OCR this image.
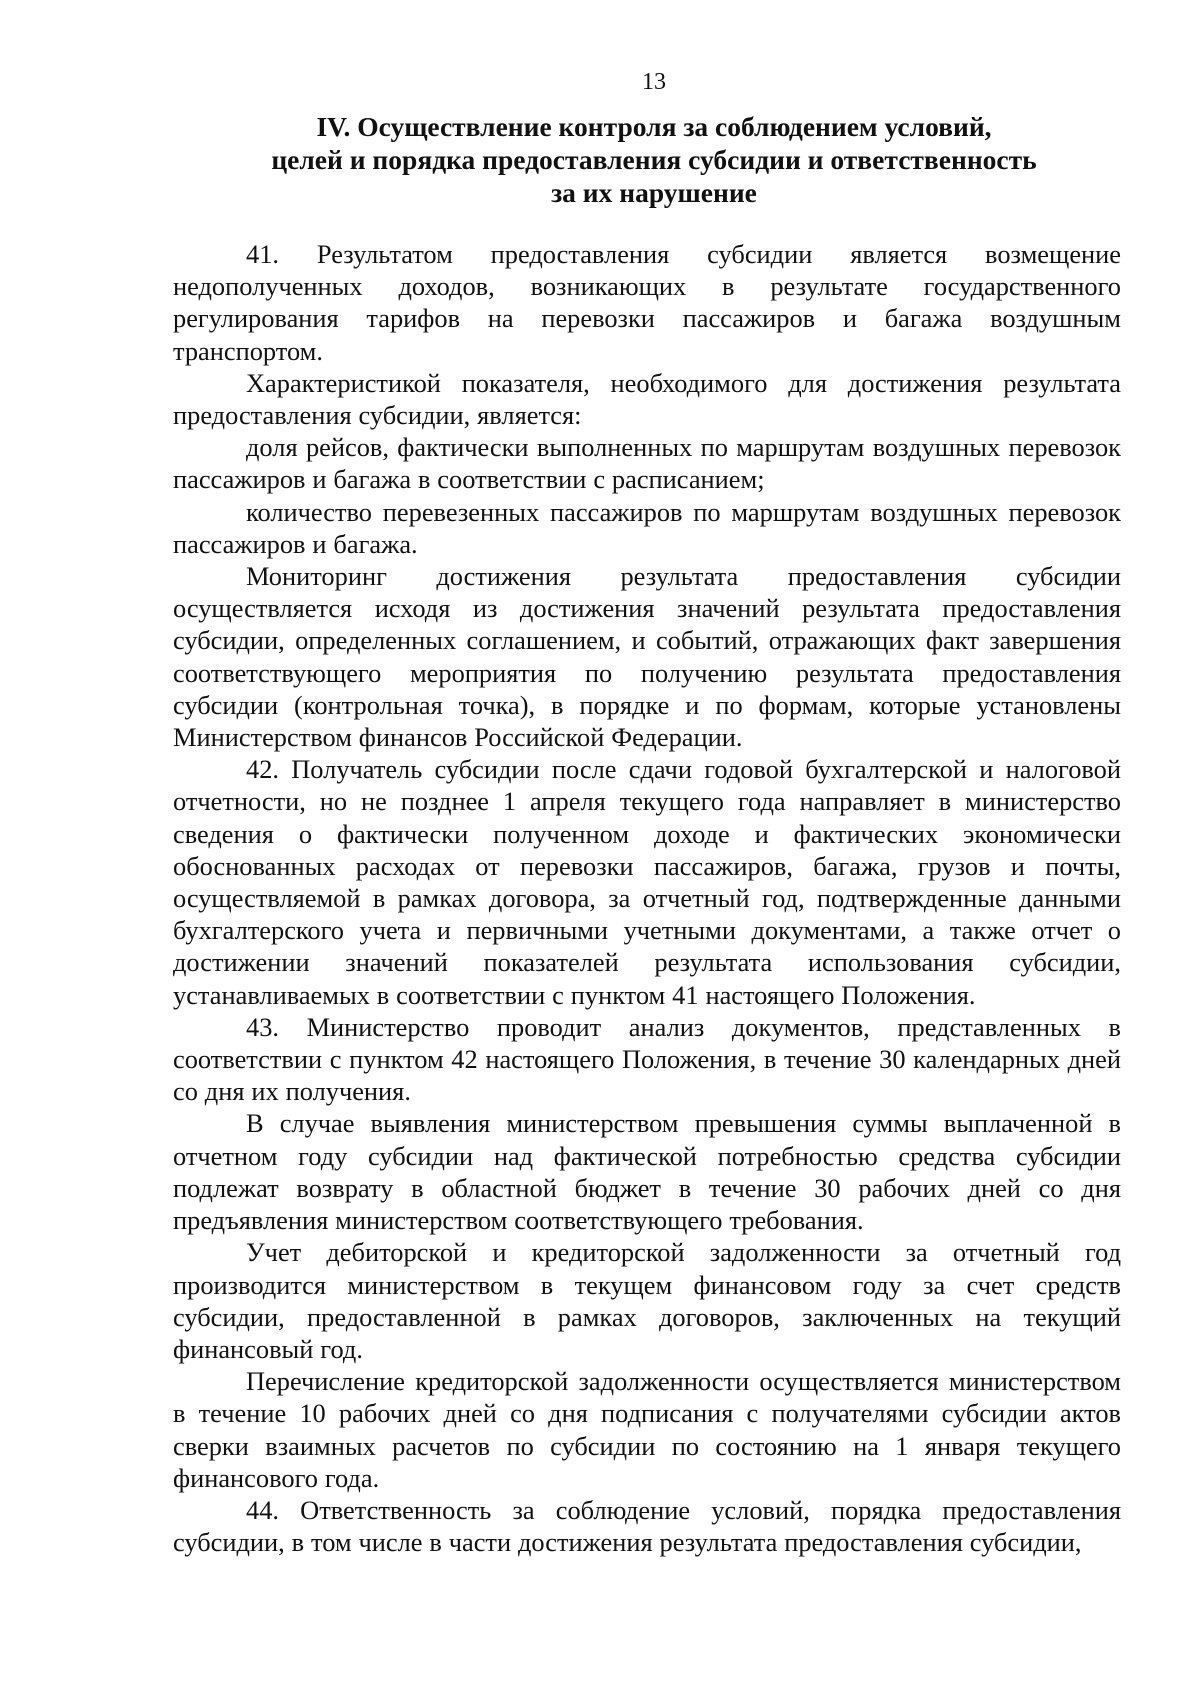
13
IV. Осуществление контроля за соблюдением условий,
целей и порядка предоставления субсидии и ответственность
за их нарушение

41. Результатом предоставления субсидии является возмещение недополученных доходов, возникающих в результате государственного регулирования тарифов на перевозки пассажиров и багажа воздушным транспортом.

Характеристикой показателя, необходимого для достижения результата предоставления субсидии, является:

доля рейсов, фактически выполненных по маршрутам воздушных перевозок пассажиров и багажа в соответствии с расписанием;

количество перевезенных пассажиров по маршрутам воздушных перевозок пассажиров и багажа.

Мониторинг достижения результата предоставления субсидии осуществляется исходя из достижения значений результата предоставления субсидии, определенных соглашением, и событий, отражающих факт завершения соответствующего мероприятия по получению результата предоставления субсидии (контрольная точка), в порядке и по формам, которые установлены Министерством финансов Российской Федерации.

42. Получатель субсидии после сдачи годовой бухгалтерской и налоговой отчетности, но не позднее 1 апреля текущего года направляет в министерство сведения о фактически полученном доходе и фактических экономически обоснованных расходах от перевозки пассажиров, багажа, грузов и почты, осуществляемой в рамках договора, за отчетный год, подтвержденные данными бухгалтерского учета и первичными учетными документами, а также отчет о достижении значений показателей результата использования субсидии, устанавливаемых в соответствии с пунктом 41 настоящего Положения.

43. Министерство проводит анализ документов, представленных в соответствии с пунктом 42 настоящего Положения, в течение 30 календарных дней со дня их получения.

В случае выявления министерством превышения суммы выплаченной в отчетном году субсидии над фактической потребностью средства субсидии подлежат возврату в областной бюджет в течение 30 рабочих дней со дня предъявления министерством соответствующего требования.

Учет дебиторской и кредиторской задолженности за отчетный год производится министерством в текущем финансовом году за счет средств субсидии, предоставленной в рамках договоров, заключенных на текущий финансовый год.

Перечисление кредиторской задолженности осуществляется министерством в течение 10 рабочих дней со дня подписания с получателями субсидии актов сверки взаимных расчетов по субсидии по состоянию на 1 января текущего финансового года.

44. Ответственность за соблюдение условий, порядка предоставления субсидии, в том числе в части достижения результата предоставления субсидии,
